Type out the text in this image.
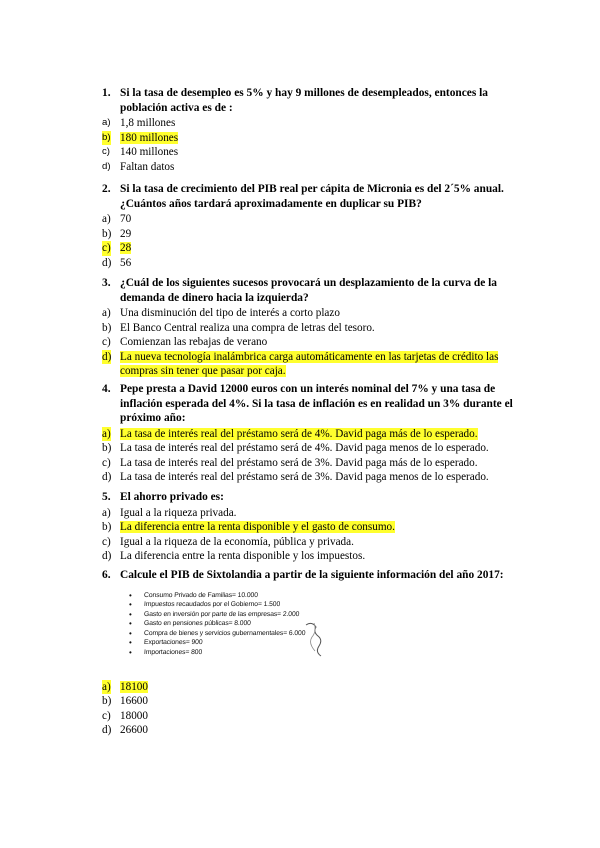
1. Si la tasa de desempleo es 5% y hay 9 millones de desempleados, entonces la población activa es de :
a) 1,8 millones
b) 180 millones
c) 140 millones
d) Faltan datos
2. Si la tasa de crecimiento del PIB real per cápita de Micronia es del 2´5% anual. ¿Cuántos años tardará aproximadamente en duplicar su PIB?
a) 70
b) 29
c) 28
d) 56
3. ¿Cuál de los siguientes sucesos provocará un desplazamiento de la curva de la demanda de dinero hacia la izquierda?
a) Una disminución del tipo de interés a corto plazo
b) El Banco Central realiza una compra de letras del tesoro.
c) Comienzan las rebajas de verano
d) La nueva tecnología inalámbrica carga automáticamente en las tarjetas de crédito las compras sin tener que pasar por caja.
4. Pepe presta a David 12000 euros con un interés nominal del 7% y una tasa de inflación esperada del 4%. Si la tasa de inflación es en realidad un 3% durante el próximo año:
a) La tasa de interés real del préstamo será de 4%. David paga más de lo esperado.
b) La tasa de interés real del préstamo será de 4%. David paga menos de lo esperado.
c) La tasa de interés real del préstamo será de 3%. David paga más de lo esperado.
d) La tasa de interés real del préstamo será de 3%. David paga menos de lo esperado.
5. El ahorro privado es:
a) Igual a la riqueza privada.
b) La diferencia entre la renta disponible y el gasto de consumo.
c) Igual a la riqueza de la economía, pública y privada.
d) La diferencia entre la renta disponible y los impuestos.
6. Calcule el PIB de Sixtolandia a partir de la siguiente información del año 2017:
• Consumo Privado de Familias= 10.000
• Impuestos recaudados por el Gobierno= 1.500
• Gasto en inversión por parte de las empresas= 2.000
• Gasto en pensiones públicas= 8.000
• Compra de bienes y servicios gubernamentales= 6.000
• Exportaciones= 900
• Importaciones= 800
a) 18100
b) 16600
c) 18000
d) 26600
